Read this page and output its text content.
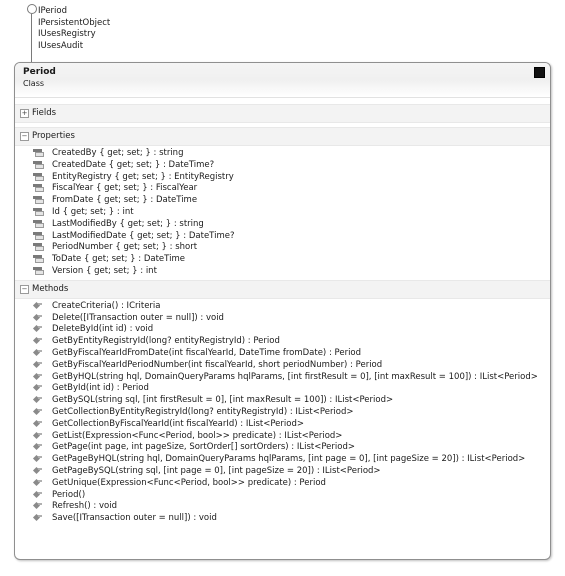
IPeriod
IPersistentObject
IUsesRegistry
IUsesAudit
Period
Class
+ Fields
− Properties
CreatedBy { get; set; } : string
CreatedDate { get; set; } : DateTime?
EntityRegistry { get; set; } : EntityRegistry
FiscalYear { get; set; } : FiscalYear
FromDate { get; set; } : DateTime
Id { get; set; } : int
LastModifiedBy { get; set; } : string
LastModifiedDate { get; set; } : DateTime?
PeriodNumber { get; set; } : short
ToDate { get; set; } : DateTime
Version { get; set; } : int
− Methods
CreateCriteria() : ICriteria
Delete([ITransaction outer = null]) : void
DeleteById(int id) : void
GetByEntityRegistryId(long? entityRegistryId) : Period
GetByFiscalYearIdFromDate(int fiscalYearId, DateTime fromDate) : Period
GetByFiscalYearIdPeriodNumber(int fiscalYearId, short periodNumber) : Period
GetByHQL(string hql, DomainQueryParams hqlParams, [int firstResult = 0], [int maxResult = 100]) : IList<Period>
GetById(int id) : Period
GetBySQL(string sql, [int firstResult = 0], [int maxResult = 100]) : IList<Period>
GetCollectionByEntityRegistryId(long? entityRegistryId) : IList<Period>
GetCollectionByFiscalYearId(int fiscalYearId) : IList<Period>
GetList(Expression<Func<Period, bool>> predicate) : IList<Period>
GetPage(int page, int pageSize, SortOrder[] sortOrders) : IList<Period>
GetPageByHQL(string hql, DomainQueryParams hqlParams, [int page = 0], [int pageSize = 20]) : IList<Period>
GetPageBySQL(string sql, [int page = 0], [int pageSize = 20]) : IList<Period>
GetUnique(Expression<Func<Period, bool>> predicate) : Period
Period()
Refresh() : void
Save([ITransaction outer = null]) : void
